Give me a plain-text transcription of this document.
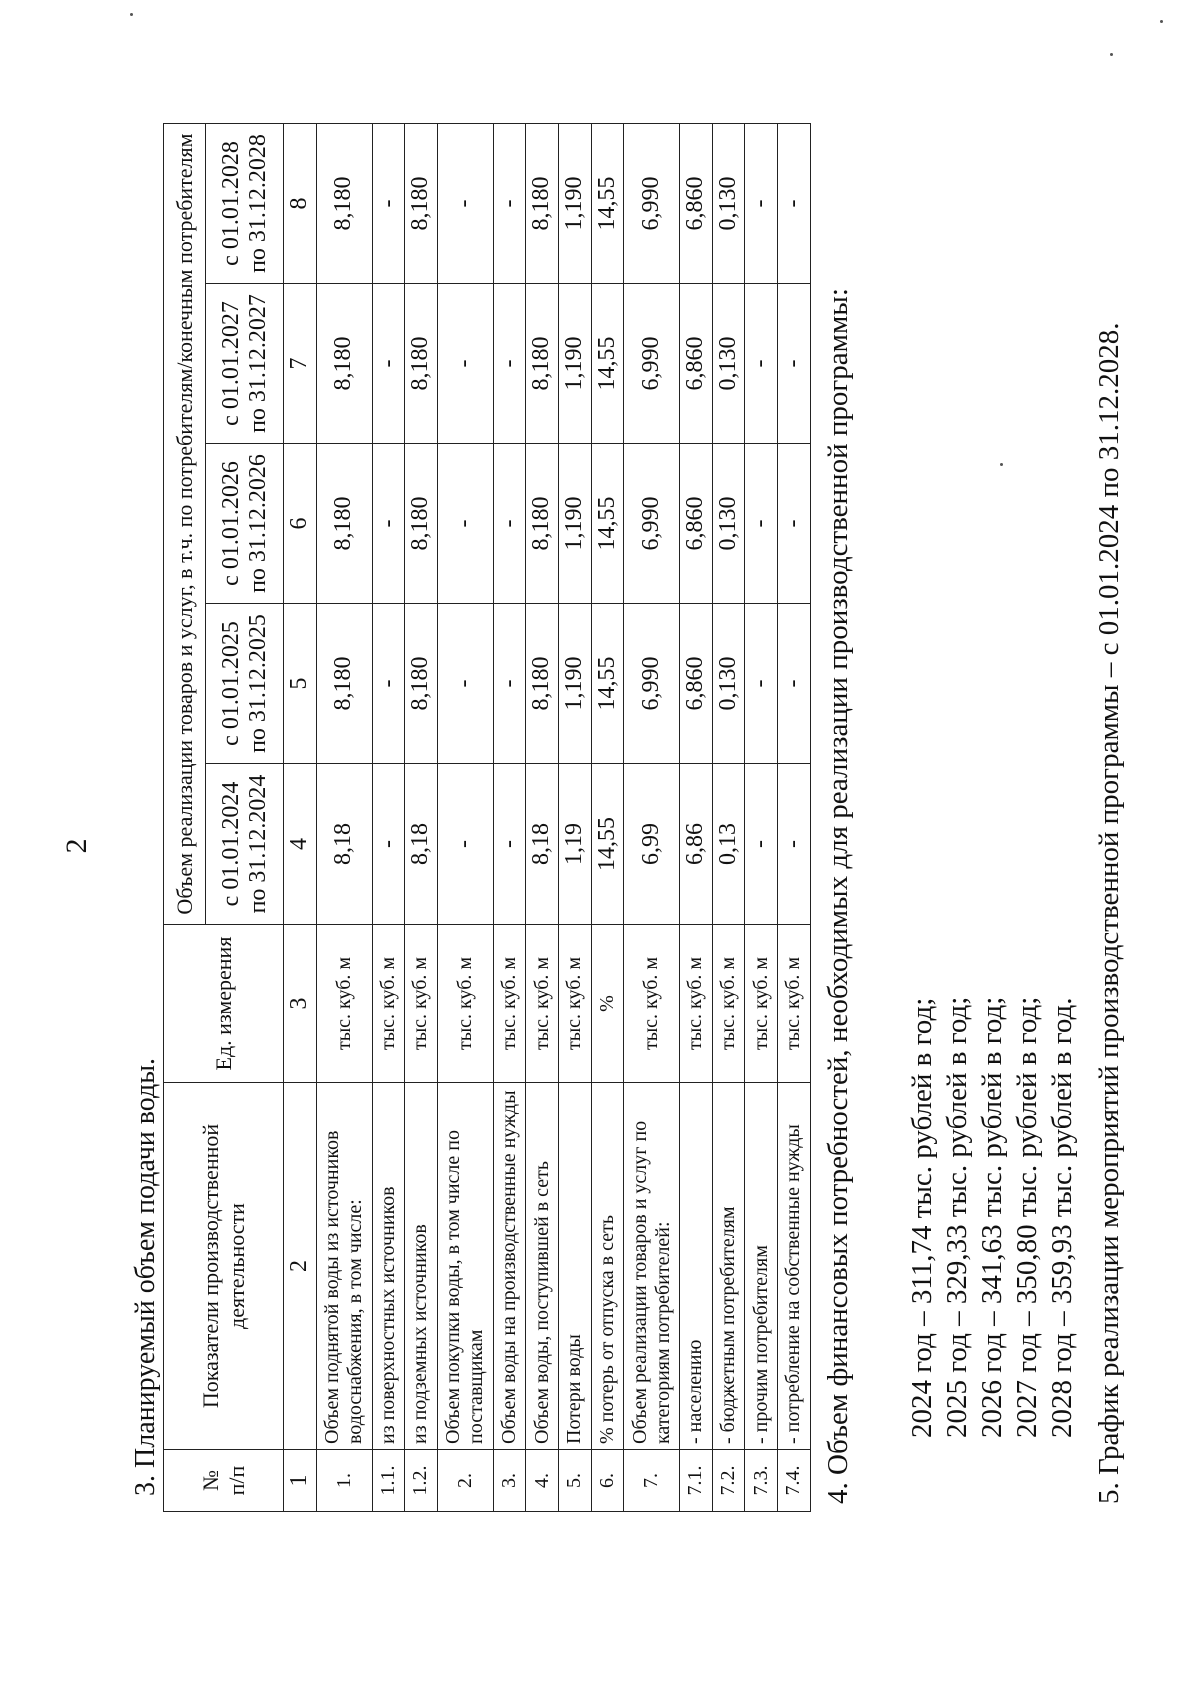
2
3. Планируемый объем подачи воды. №
п/п	Показатели производственной деятельности	Ед. измерения	Объем реализации товаров и услуг, в т.ч. по потребителям/конечным потребителям				
			с 01.01.2024 по 31.12.2024	с 01.01.2025 по 31.12.2025	с 01.01.2026 по 31.12.2026	с 01.01.2027 по 31.12.2027	с 01.01.2028 по 31.12.2028
1	2	3	4	5	6	7	8
1.	Объем поднятой воды из источников водоснабжения, в том числе:	тыс. куб. м	8,18	8,180	8,180	8,180	8,180
1.1.	из поверхностных источников	тыс. куб. м	-	-	-	-	-
1.2.	из подземных источников	тыс. куб. м	8,18	8,180	8,180	8,180	8,180
2.	Объем покупки воды, в том числе по поставщикам	тыс. куб. м	-	-	-	-	-
3.	Объем воды на производственные нужды	тыс. куб. м	-	-	-	-	-
4.	Объем воды, поступившей в сеть	тыс. куб. м	8,18	8,180	8,180	8,180	8,180
5.	Потери воды	тыс. куб. м	1,19	1,190	1,190	1,190	1,190
6.	% потерь от отпуска в сеть	%	14,55	14,55	14,55	14,55	14,55
7.	Объем реализации товаров и услуг по категориям потребителей:	тыс. куб. м	6,99	6,990	6,990	6,990	6,990
7.1.	- населению	тыс. куб. м	6,86	6,860	6,860	6,860	6,860
7.2.	- бюджетным потребителям	тыс. куб. м	0,13	0,130	0,130	0,130	0,130
7.3.	- прочим потребителям	тыс. куб. м	-	-	-	-	-
7.4.	- потребление на собственные нужды	тыс. куб. м	-	-	-	-	-
4. Объем финансовых потребностей, необходимых для реализации производственной программы: 2024 год – 311,74 тыс. рублей в год; 2025 год – 329,33 тыс. рублей в год; 2026 год – 341,63 тыс. рублей в год; 2027 год – 350,80 тыс. рублей в год; 2028 год – 359,93 тыс. рублей в год. 5. График реализации мероприятий производственной программы – с 01.01.2024 по 31.12.2028.
